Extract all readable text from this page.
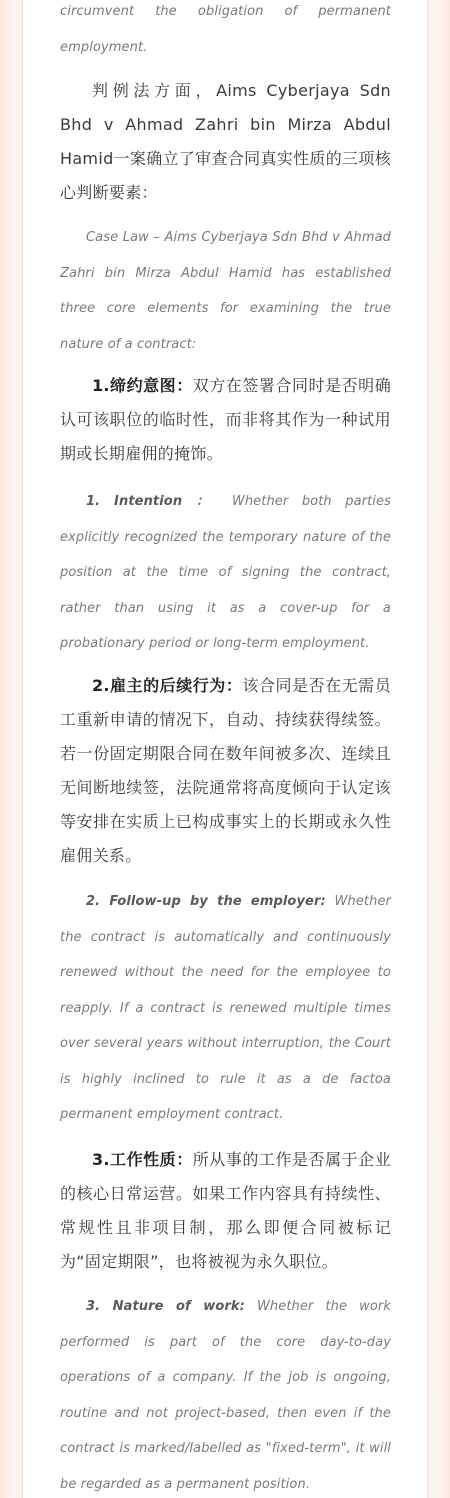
circumvent the obligation of permanent

employment.

判例法方面，Aims Cyberjaya Sdn Bhd v Ahmad Zahri bin Mirza Abdul Hamid一案确立了审查合同真实性质的三项核心判断要素：

Case Law – Aims Cyberjaya Sdn Bhd v Ahmad Zahri bin Mirza Abdul Hamid has established three core elements for examining the true nature of a contract:

1.缔约意图：双方在签署合同时是否明确认可该职位的临时性，而非将其作为一种试用期或长期雇佣的掩饰。

1. Intention ： Whether both parties explicitly recognized the temporary nature of the position at the time of signing the contract, rather than using it as a cover-up for a probationary period or long-term employment.

2.雇主的后续行为：该合同是否在无需员工重新申请的情况下，自动、持续获得续签。若一份固定期限合同在数年间被多次、连续且无间断地续签，法院通常将高度倾向于认定该等安排在实质上已构成事实上的长期或永久性雇佣关系。

2. Follow-up by the employer: Whether the contract is automatically and continuously renewed without the need for the employee to reapply. If a contract is renewed multiple times over several years without interruption, the Court is highly inclined to rule it as a de factoa permanent employment contract.

3.工作性质：所从事的工作是否属于企业的核心日常运营。如果工作内容具有持续性、常规性且非项目制，那么即便合同被标记为“固定期限”，也将被视为永久职位。

3. Nature of work: Whether the work performed is part of the core day-to-day operations of a company. If the job is ongoing, routine and not project-based, then even if the contract is marked/labelled as "fixed-term", it will be regarded as a permanent position.
